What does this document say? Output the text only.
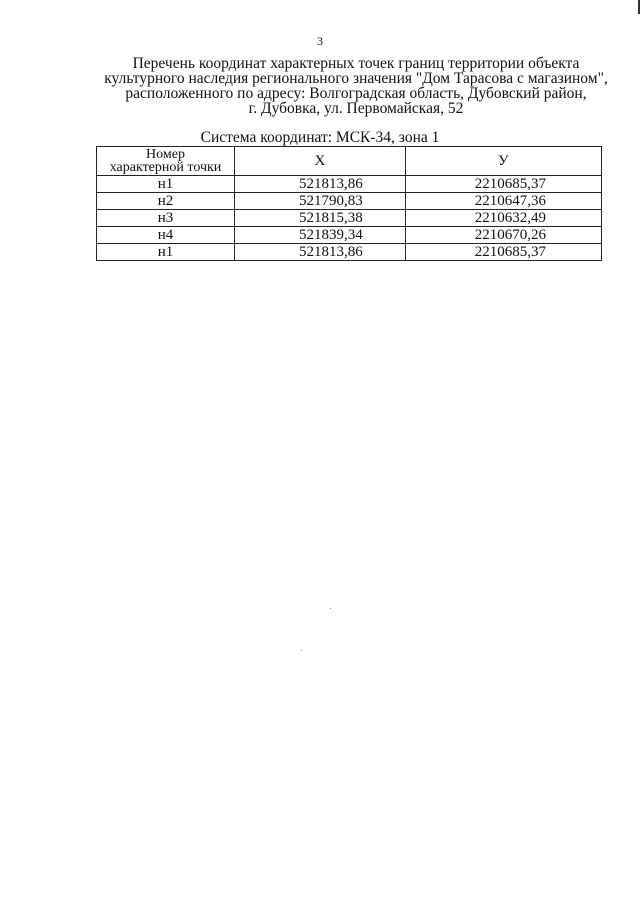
3
Перечень координат характерных точек границ территории объекта
культурного наследия регионального значения "Дом Тарасова с магазином",
расположенного по адресу: Волгоградская область, Дубовский район,
г. Дубовка, ул. Первомайская, 52
Система координат: МСК-34, зона 1
Номер
характерной точки	X	У
н1	521813,86	2210685,37
н2	521790,83	2210647,36
н3	521815,38	2210632,49
н4	521839,34	2210670,26
н1	521813,86	2210685,37
